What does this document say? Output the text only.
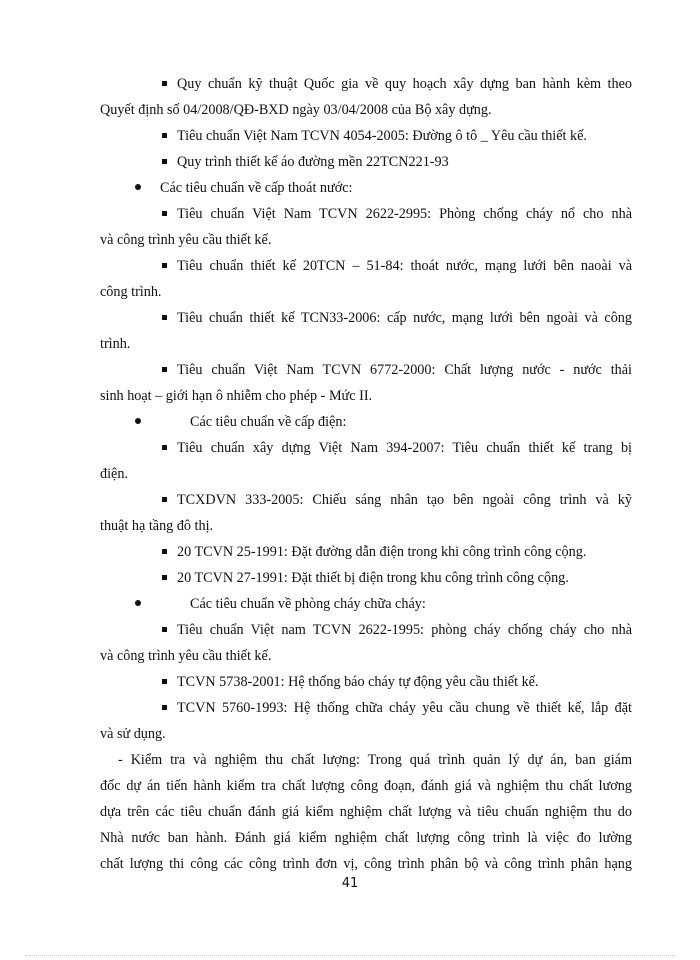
Quy chuẩn kỹ thuật Quốc gia về quy hoạch xây dựng ban hành kèm theo
Quyết định số 04/2008/QĐ-BXD ngày 03/04/2008 của Bộ xây dựng.
Tiêu chuẩn Việt Nam TCVN 4054-2005: Đường ô tô _ Yêu cầu thiết kế.
Quy trình thiết kế áo đường mền 22TCN221-93
Các tiêu chuẩn về cấp thoát nước:
Tiêu chuẩn Việt Nam TCVN 2622-2995: Phòng chống cháy nổ cho nhà
và công trình yêu cầu thiết kế.
Tiêu chuẩn thiết kế 20TCN – 51-84: thoát nước, mạng lưới bên naoài và
công trình.
Tiêu chuẩn thiết kế TCN33-2006: cấp nước, mạng lưới bên ngoài và công
trình.
Tiêu chuẩn Việt Nam TCVN 6772-2000: Chất lượng nước - nước thải
sinh hoạt – giới hạn ô nhiễm cho phép - Mức II.
Các tiêu chuẩn về cấp điện:
Tiêu chuẩn xây dựng Việt Nam 394-2007: Tiêu chuẩn thiết kế trang bị
điện.
TCXDVN 333-2005: Chiếu sáng nhân tạo bên ngoài công trình và kỹ
thuật hạ tầng đô thị.
20 TCVN 25-1991: Đặt đường dẫn điện trong khi công trình công cộng.
20 TCVN 27-1991: Đặt thiết bị điện trong khu công trình công cộng.
Các tiêu chuẩn về phòng cháy chữa cháy:
Tiêu chuẩn Việt nam TCVN 2622-1995: phòng cháy chống cháy cho nhà
và công trình yêu cầu thiết kế.
TCVN 5738-2001: Hệ thống báo cháy tự động yêu cầu thiết kế.
TCVN 5760-1993: Hệ thống chữa cháy yêu cầu chung về thiết kế, lắp đặt
và sử dụng.
- Kiểm tra và nghiệm thu chất lượng: Trong quá trình quản lý dự án, ban giám
đốc dự án tiến hành kiểm tra chất lượng công đoạn, đánh giá và nghiệm thu chất lương
dựa trên các tiêu chuẩn đánh giá kiểm nghiệm chất lượng và tiêu chuẩn nghiệm thu do
Nhà nước ban hành. Đánh giá kiểm nghiệm chất lượng công trình là việc đo lường
chất lượng thi công các công trình đơn vị, công trình phân bộ và công trình phân hạng
41
